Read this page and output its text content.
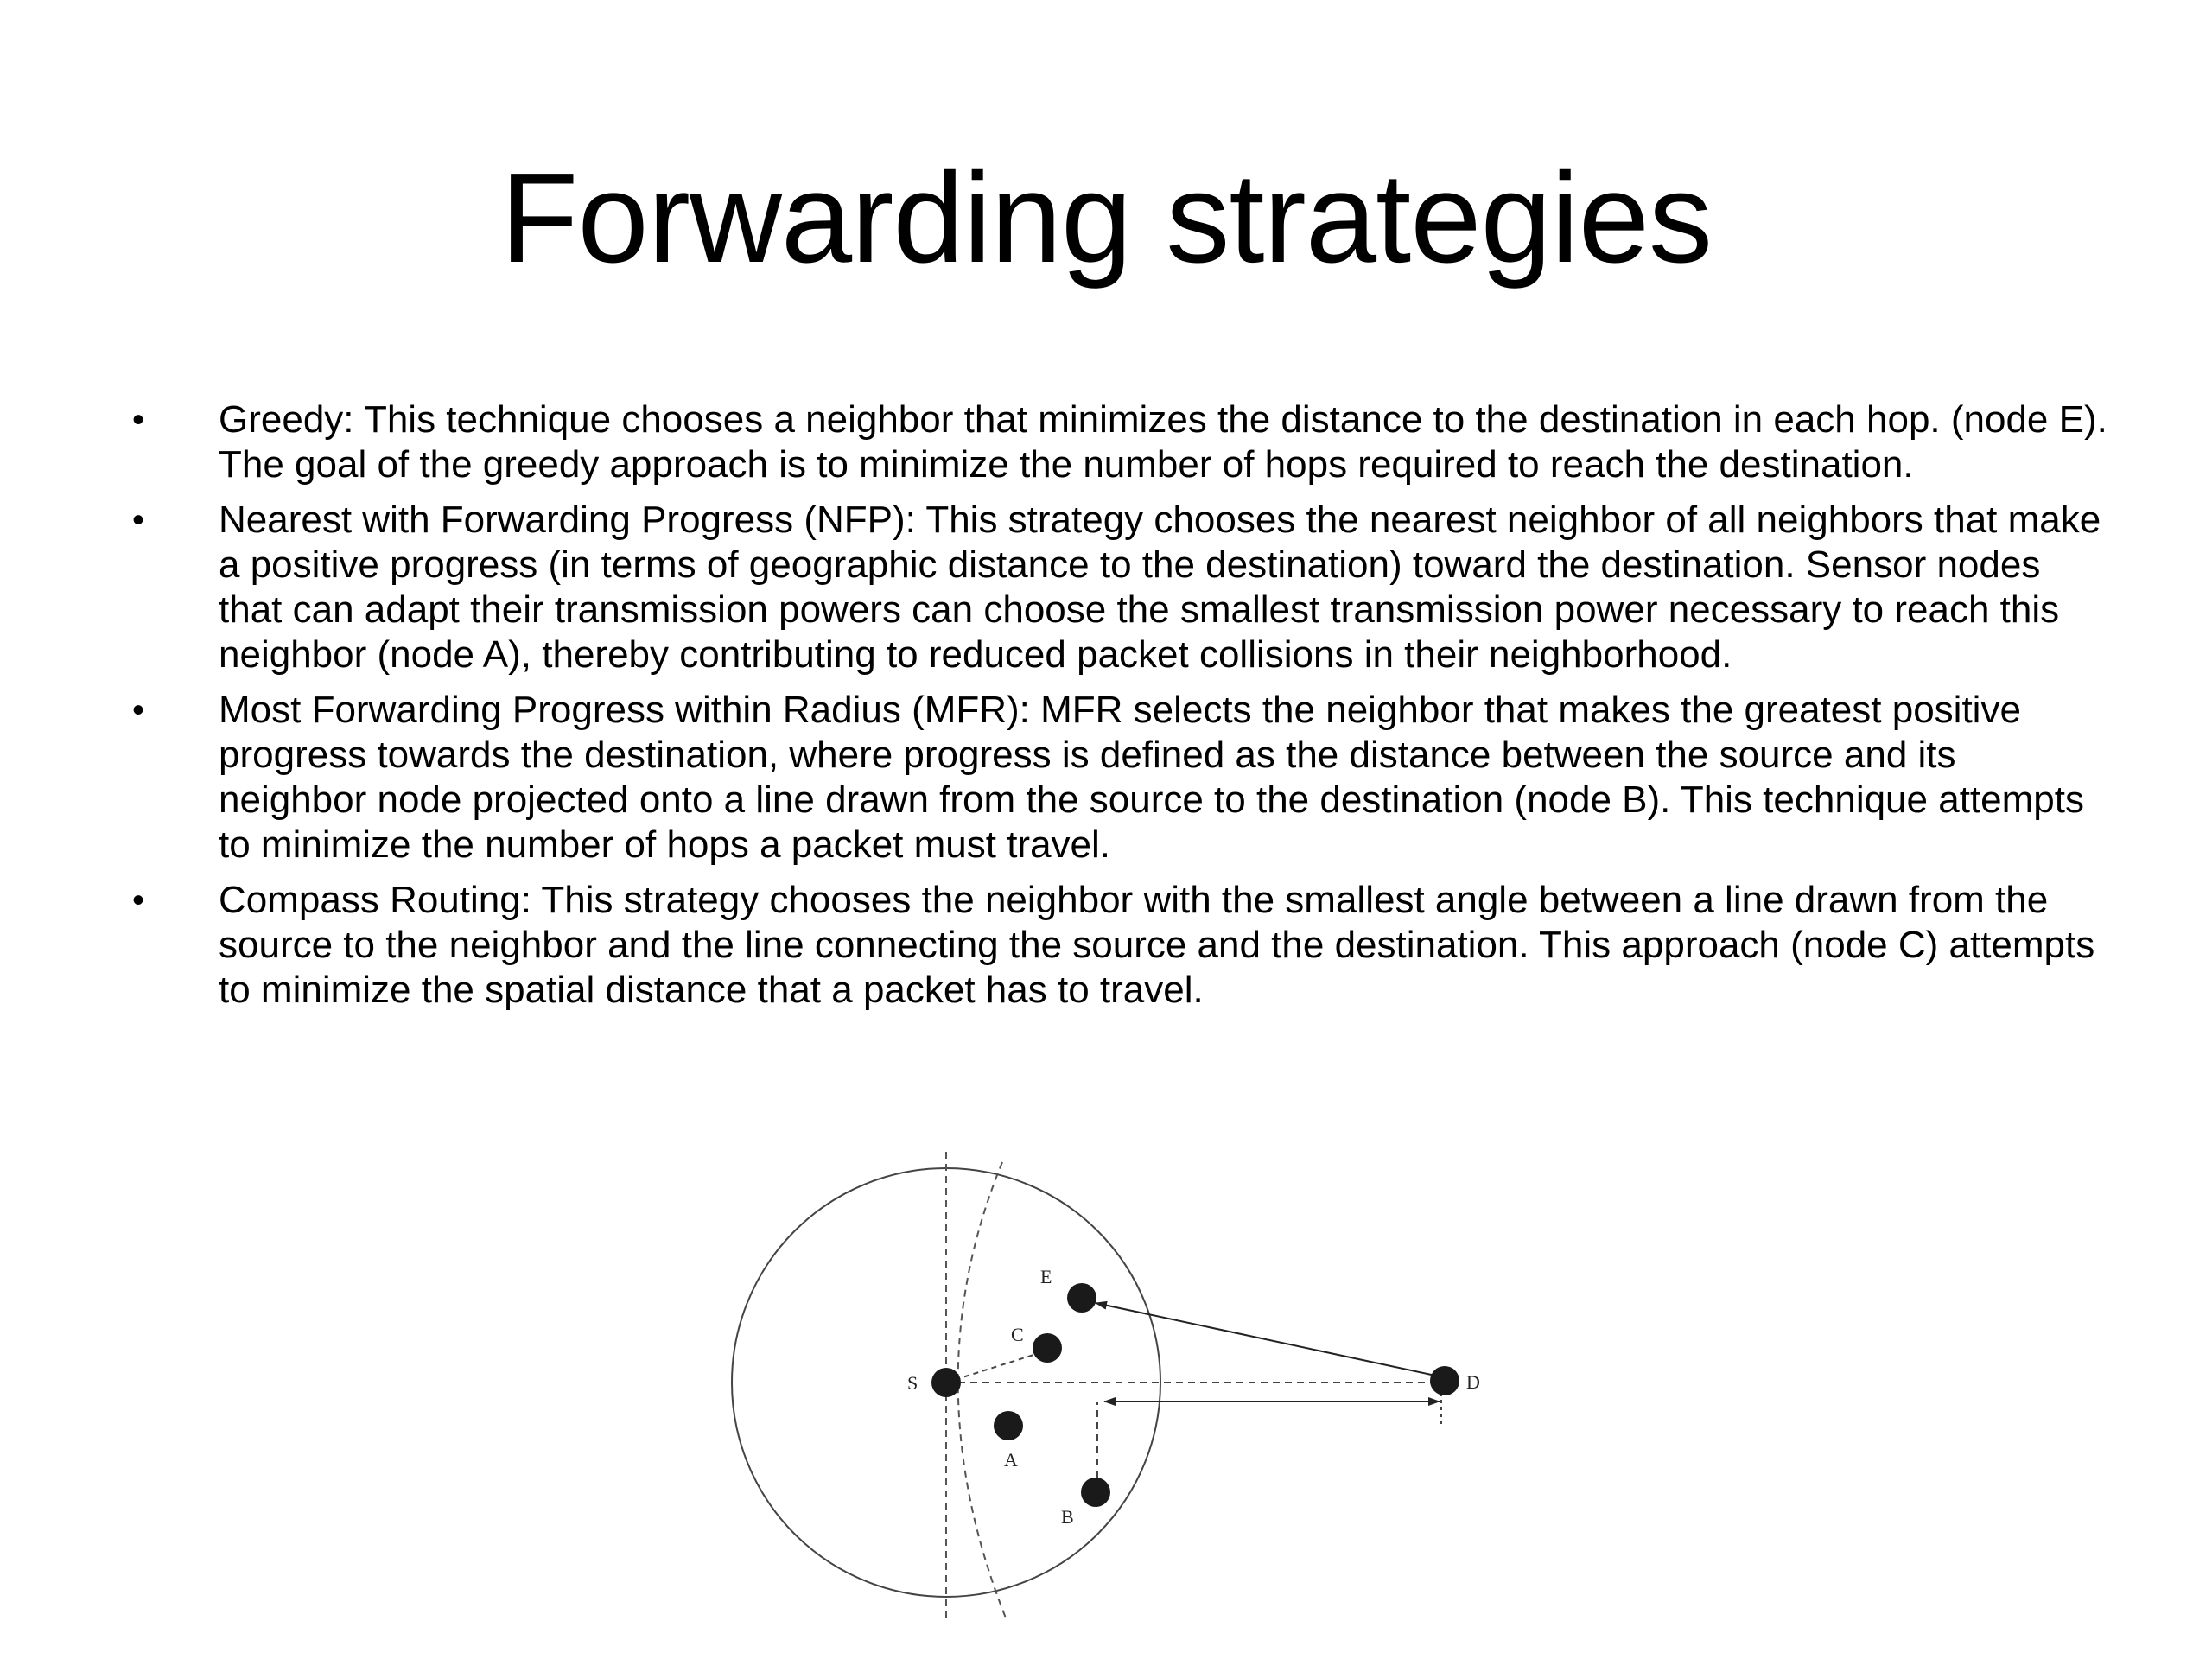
Forwarding strategies
• Greedy: This technique chooses a neighbor that minimizes the distance to the destination in each hop. (node E). The goal of the greedy approach is to minimize the number of hops required to reach the destination.
• Nearest with Forwarding Progress (NFP): This strategy chooses the nearest neighbor of all neighbors that make a positive progress (in terms of geographic distance to the destination) toward the destination. Sensor nodes that can adapt their transmission powers can choose the smallest transmission power necessary to reach this neighbor (node A), thereby contributing to reduced packet collisions in their neighborhood.
• Most Forwarding Progress within Radius (MFR): MFR selects the neighbor that makes the greatest positive progress towards the destination, where progress is defined as the distance between the source and its neighbor node projected onto a line drawn from the source to the destination (node B). This technique attempts to minimize the number of hops a packet must travel.
• Compass Routing: This strategy chooses the neighbor with the smallest angle between a line drawn from the source to the neighbor and the line connecting the source and the destination. This approach (node C) attempts to minimize the spatial distance that a packet has to travel.
S	D
E
C
A
B
